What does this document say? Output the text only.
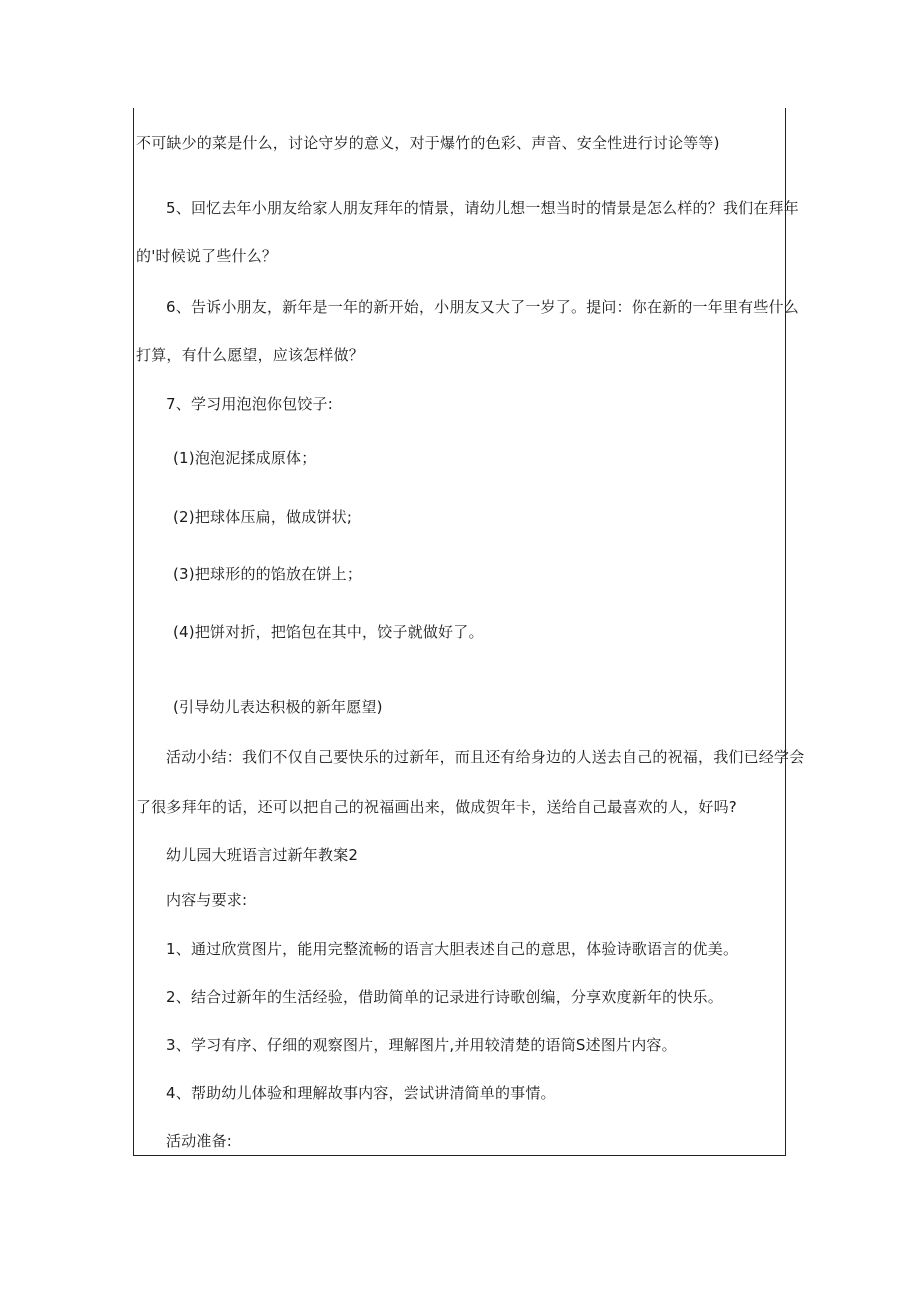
不可缺少的菜是什么，讨论守岁的意义，对于爆竹的色彩、声音、安全性进行讨论等等)
5、回忆去年小朋友给家人朋友拜年的情景，请幼儿想一想当时的情景是怎么样的？我们在拜年
的'时候说了些什么？
6、告诉小朋友，新年是一年的新开始，小朋友又大了一岁了。提问：你在新的一年里有些什么
打算，有什么愿望，应该怎样做？
7、学习用泡泡你包饺子:
(1)泡泡泥揉成原体；
(2)把球体压扁，做成饼状;
(3)把球形的的馅放在饼上；
(4)把饼对折，把馅包在其中，饺子就做好了。
(引导幼儿表达积极的新年愿望)
活动小结：我们不仅自己要快乐的过新年，而且还有给身边的人送去自己的祝福，我们已经学会
了很多拜年的话，还可以把自己的祝福画出来，做成贺年卡，送给自己最喜欢的人，好吗?
幼儿园大班语言过新年教案2
内容与要求:
1、通过欣赏图片，能用完整流畅的语言大胆表述自己的意思，体验诗歌语言的优美。
2、结合过新年的生活经验，借助简单的记录进行诗歌创编，分享欢度新年的快乐。
3、学习有序、仔细的观察图片，理解图片,并用较清楚的语筒S述图片内容。
4、帮助幼儿体验和理解故事内容，尝试讲清简单的事情。
活动准备:
